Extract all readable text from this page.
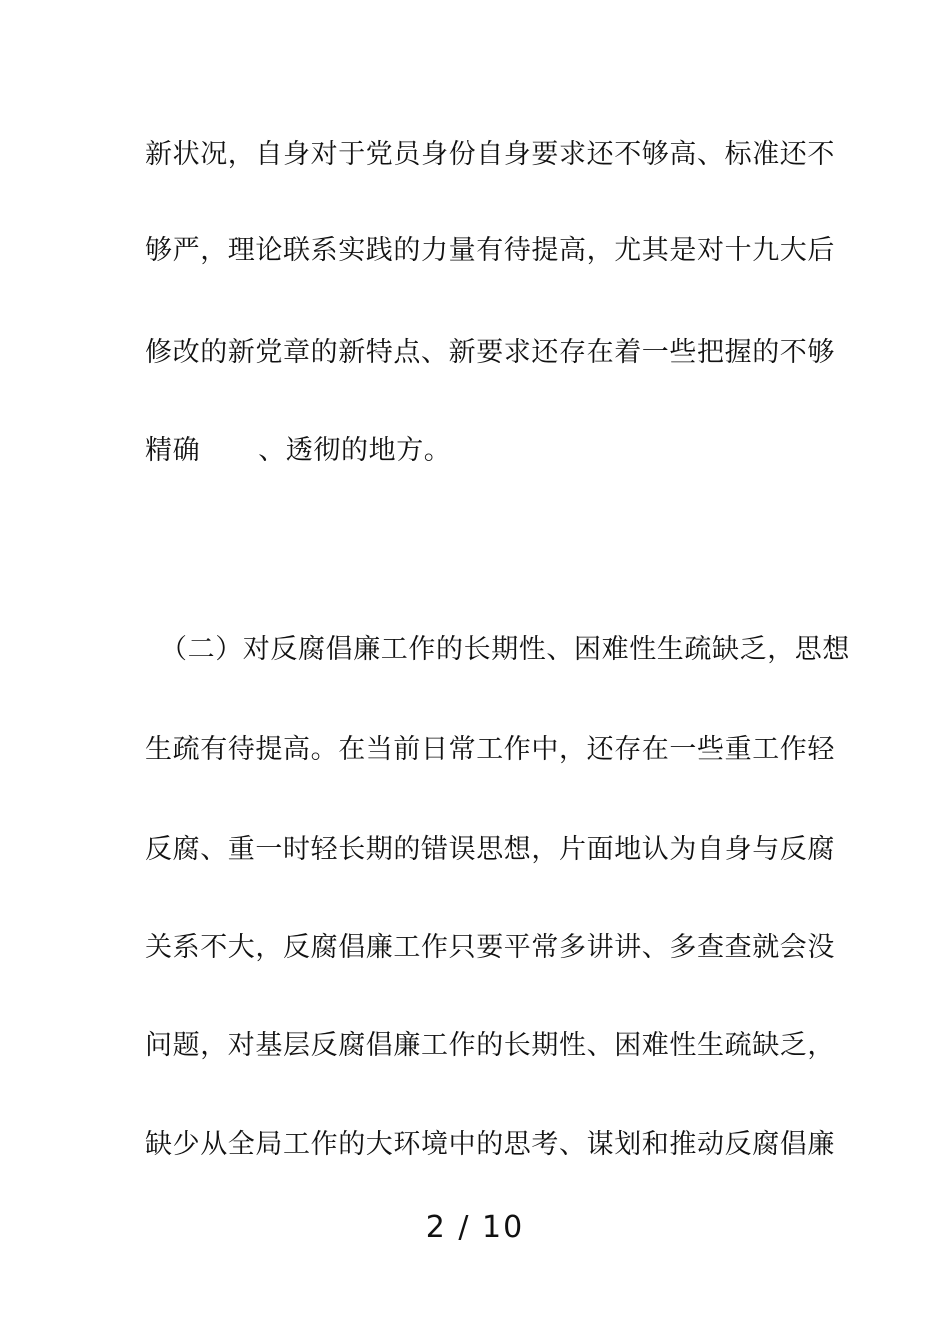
新状况，自身对于党员身份自身要求还不够高、标准还不
够严，理论联系实践的力量有待提高，尤其是对十九大后
修改的新党章的新特点、新要求还存在着一些把握的不够
精确 、透彻的地方。
（二）对反腐倡廉工作的长期性、困难性生疏缺乏，思想
生疏有待提高。在当前日常工作中，还存在一些重工作轻
反腐、重一时轻长期的错误思想，片面地认为自身与反腐
关系不大，反腐倡廉工作只要平常多讲讲、多查查就会没
问题，对基层反腐倡廉工作的长期性、困难性生疏缺乏，
缺少从全局工作的大环境中的思考、谋划和推动反腐倡廉
2 / 10
